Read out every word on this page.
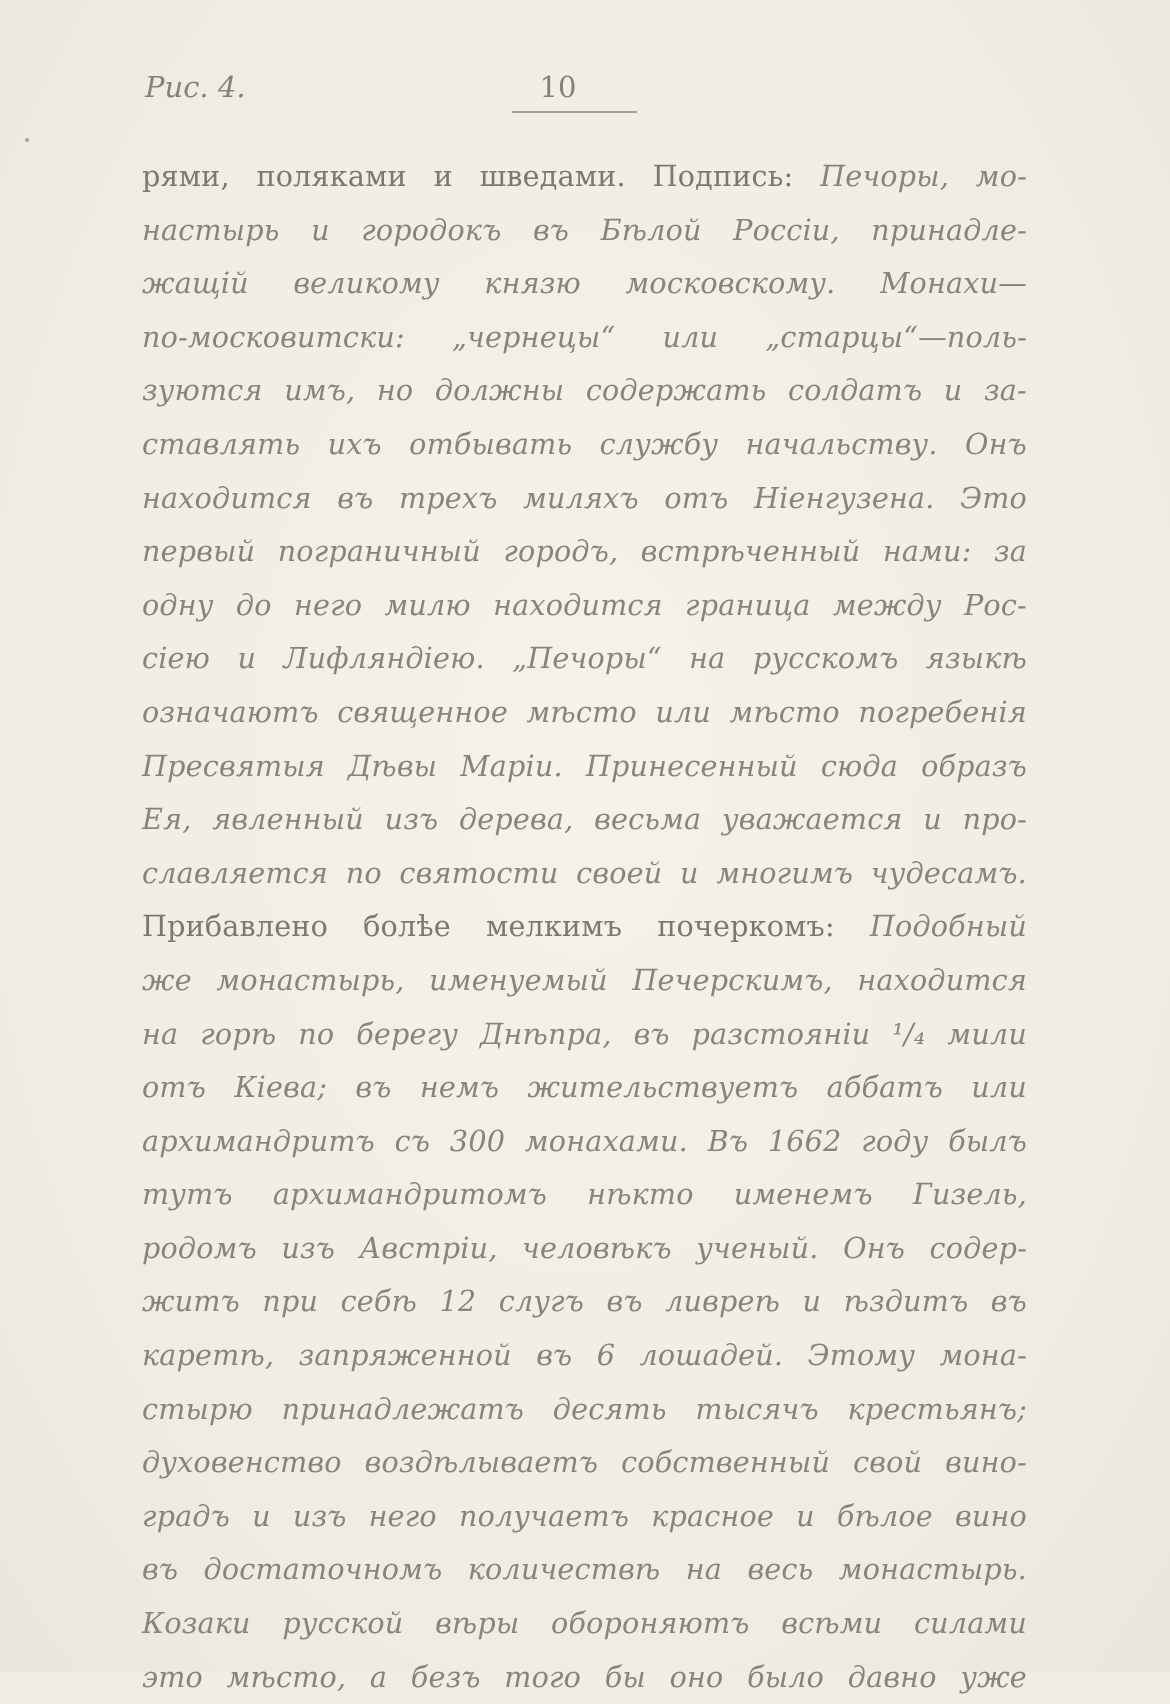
Рис. 4.	10
рями, поляками и шведами. Подпись: Печоры, мо-
настырь и городокъ въ Бѣлой Россіи, принадле-
жащій великому князю московскому. Монахи—
по-московитски: „чернецы“ или „старцы“—поль-
зуются имъ, но должны содержать солдатъ и за-
ставлять ихъ отбывать службу начальству. Онъ
находится въ трехъ миляхъ отъ Ніенгузена. Это
первый пограничный городъ, встрѣченный нами: за
одну до него милю находится граница между Рос-
сіею и Лифляндіею. „Печоры“ на русскомъ языкѣ
означаютъ священное мѣсто или мѣсто погребенія
Пресвятыя Дѣвы Маріи. Принесенный сюда образъ
Ея, явленный изъ дерева, весьма уважается и про-
славляется по святости своей и многимъ чудесамъ.
Прибавлено болѣе мелкимъ почеркомъ: Подобный
же монастырь, именуемый Печерскимъ, находится
на горѣ по берегу Днѣпра, въ разстояніи ¹/₄ мили
отъ Кіева; въ немъ жительствуетъ аббатъ или
архимандритъ съ 300 монахами. Въ 1662 году былъ
тутъ архимандритомъ нѣкто именемъ Гизель,
родомъ изъ Австріи, человѣкъ ученый. Онъ содер-
житъ при себѣ 12 слугъ въ ливреѣ и ѣздитъ въ
каретѣ, запряженной въ 6 лошадей. Этому мона-
стырю принадлежатъ десять тысячъ крестьянъ;
духовенство воздѣлываетъ собственный свой вино-
градъ и изъ него получаетъ красное и бѣлое вино
въ достаточномъ количествѣ на весь монастырь.
Козаки русской вѣры обороняютъ всѣми силами
это мѣсто, а безъ того бы оно было давно уже
